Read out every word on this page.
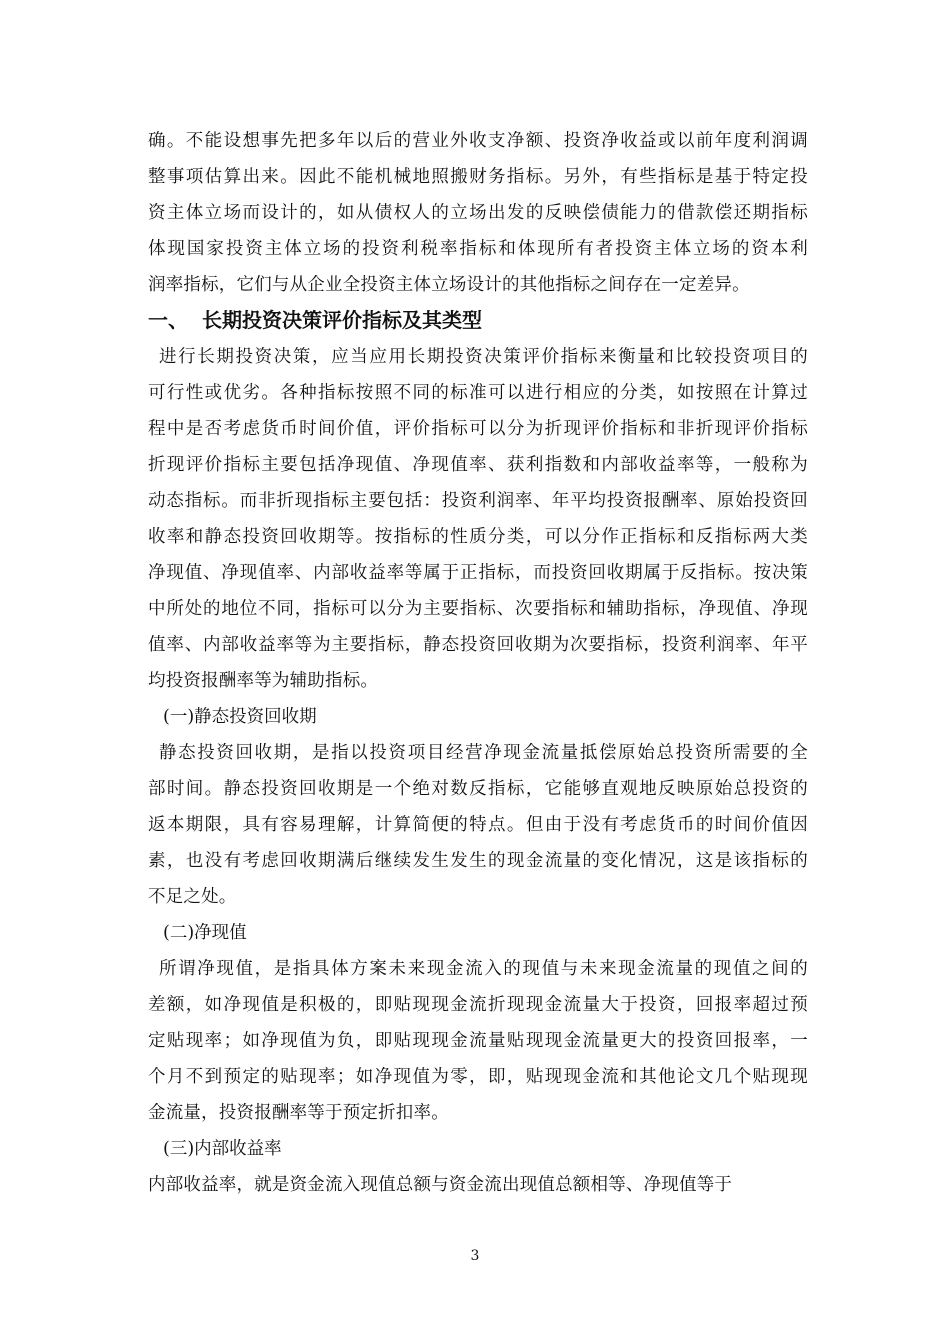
确。不能设想事先把多年以后的营业外收支净额、投资净收益或以前年度利润调
整事项估算出来。因此不能机械地照搬财务指标。另外，有些指标是基于特定投
资主体立场而设计的，如从债权人的立场出发的反映偿债能力的借款偿还期指标
体现国家投资主体立场的投资利税率指标和体现所有者投资主体立场的资本利
润率指标，它们与从企业全投资主体立场设计的其他指标之间存在一定差异。
一、 长期投资决策评价指标及其类型
进行长期投资决策，应当应用长期投资决策评价指标来衡量和比较投资项目的
可行性或优劣。各种指标按照不同的标准可以进行相应的分类，如按照在计算过
程中是否考虑货币时间价值，评价指标可以分为折现评价指标和非折现评价指标
折现评价指标主要包括净现值、净现值率、获利指数和内部收益率等，一般称为
动态指标。而非折现指标主要包括：投资利润率、年平均投资报酬率、原始投资回
收率和静态投资回收期等。按指标的性质分类，可以分作正指标和反指标两大类
净现值、净现值率、内部收益率等属于正指标，而投资回收期属于反指标。按决策
中所处的地位不同，指标可以分为主要指标、次要指标和辅助指标，净现值、净现
值率、内部收益率等为主要指标，静态投资回收期为次要指标，投资利润率、年平
均投资报酬率等为辅助指标。
(一)静态投资回收期
静态投资回收期，是指以投资项目经营净现金流量抵偿原始总投资所需要的全
部时间。静态投资回收期是一个绝对数反指标，它能够直观地反映原始总投资的
返本期限，具有容易理解，计算简便的特点。但由于没有考虑货币的时间价值因
素，也没有考虑回收期满后继续发生发生的现金流量的变化情况，这是该指标的
不足之处。
(二)净现值
所谓净现值，是指具体方案未来现金流入的现值与未来现金流量的现值之间的
差额，如净现值是积极的，即贴现现金流折现现金流量大于投资，回报率超过预
定贴现率；如净现值为负，即贴现现金流量贴现现金流量更大的投资回报率，一
个月不到预定的贴现率；如净现值为零，即，贴现现金流和其他论文几个贴现现
金流量，投资报酬率等于预定折扣率。
(三)内部收益率
内部收益率，就是资金流入现值总额与资金流出现值总额相等、净现值等于
3
